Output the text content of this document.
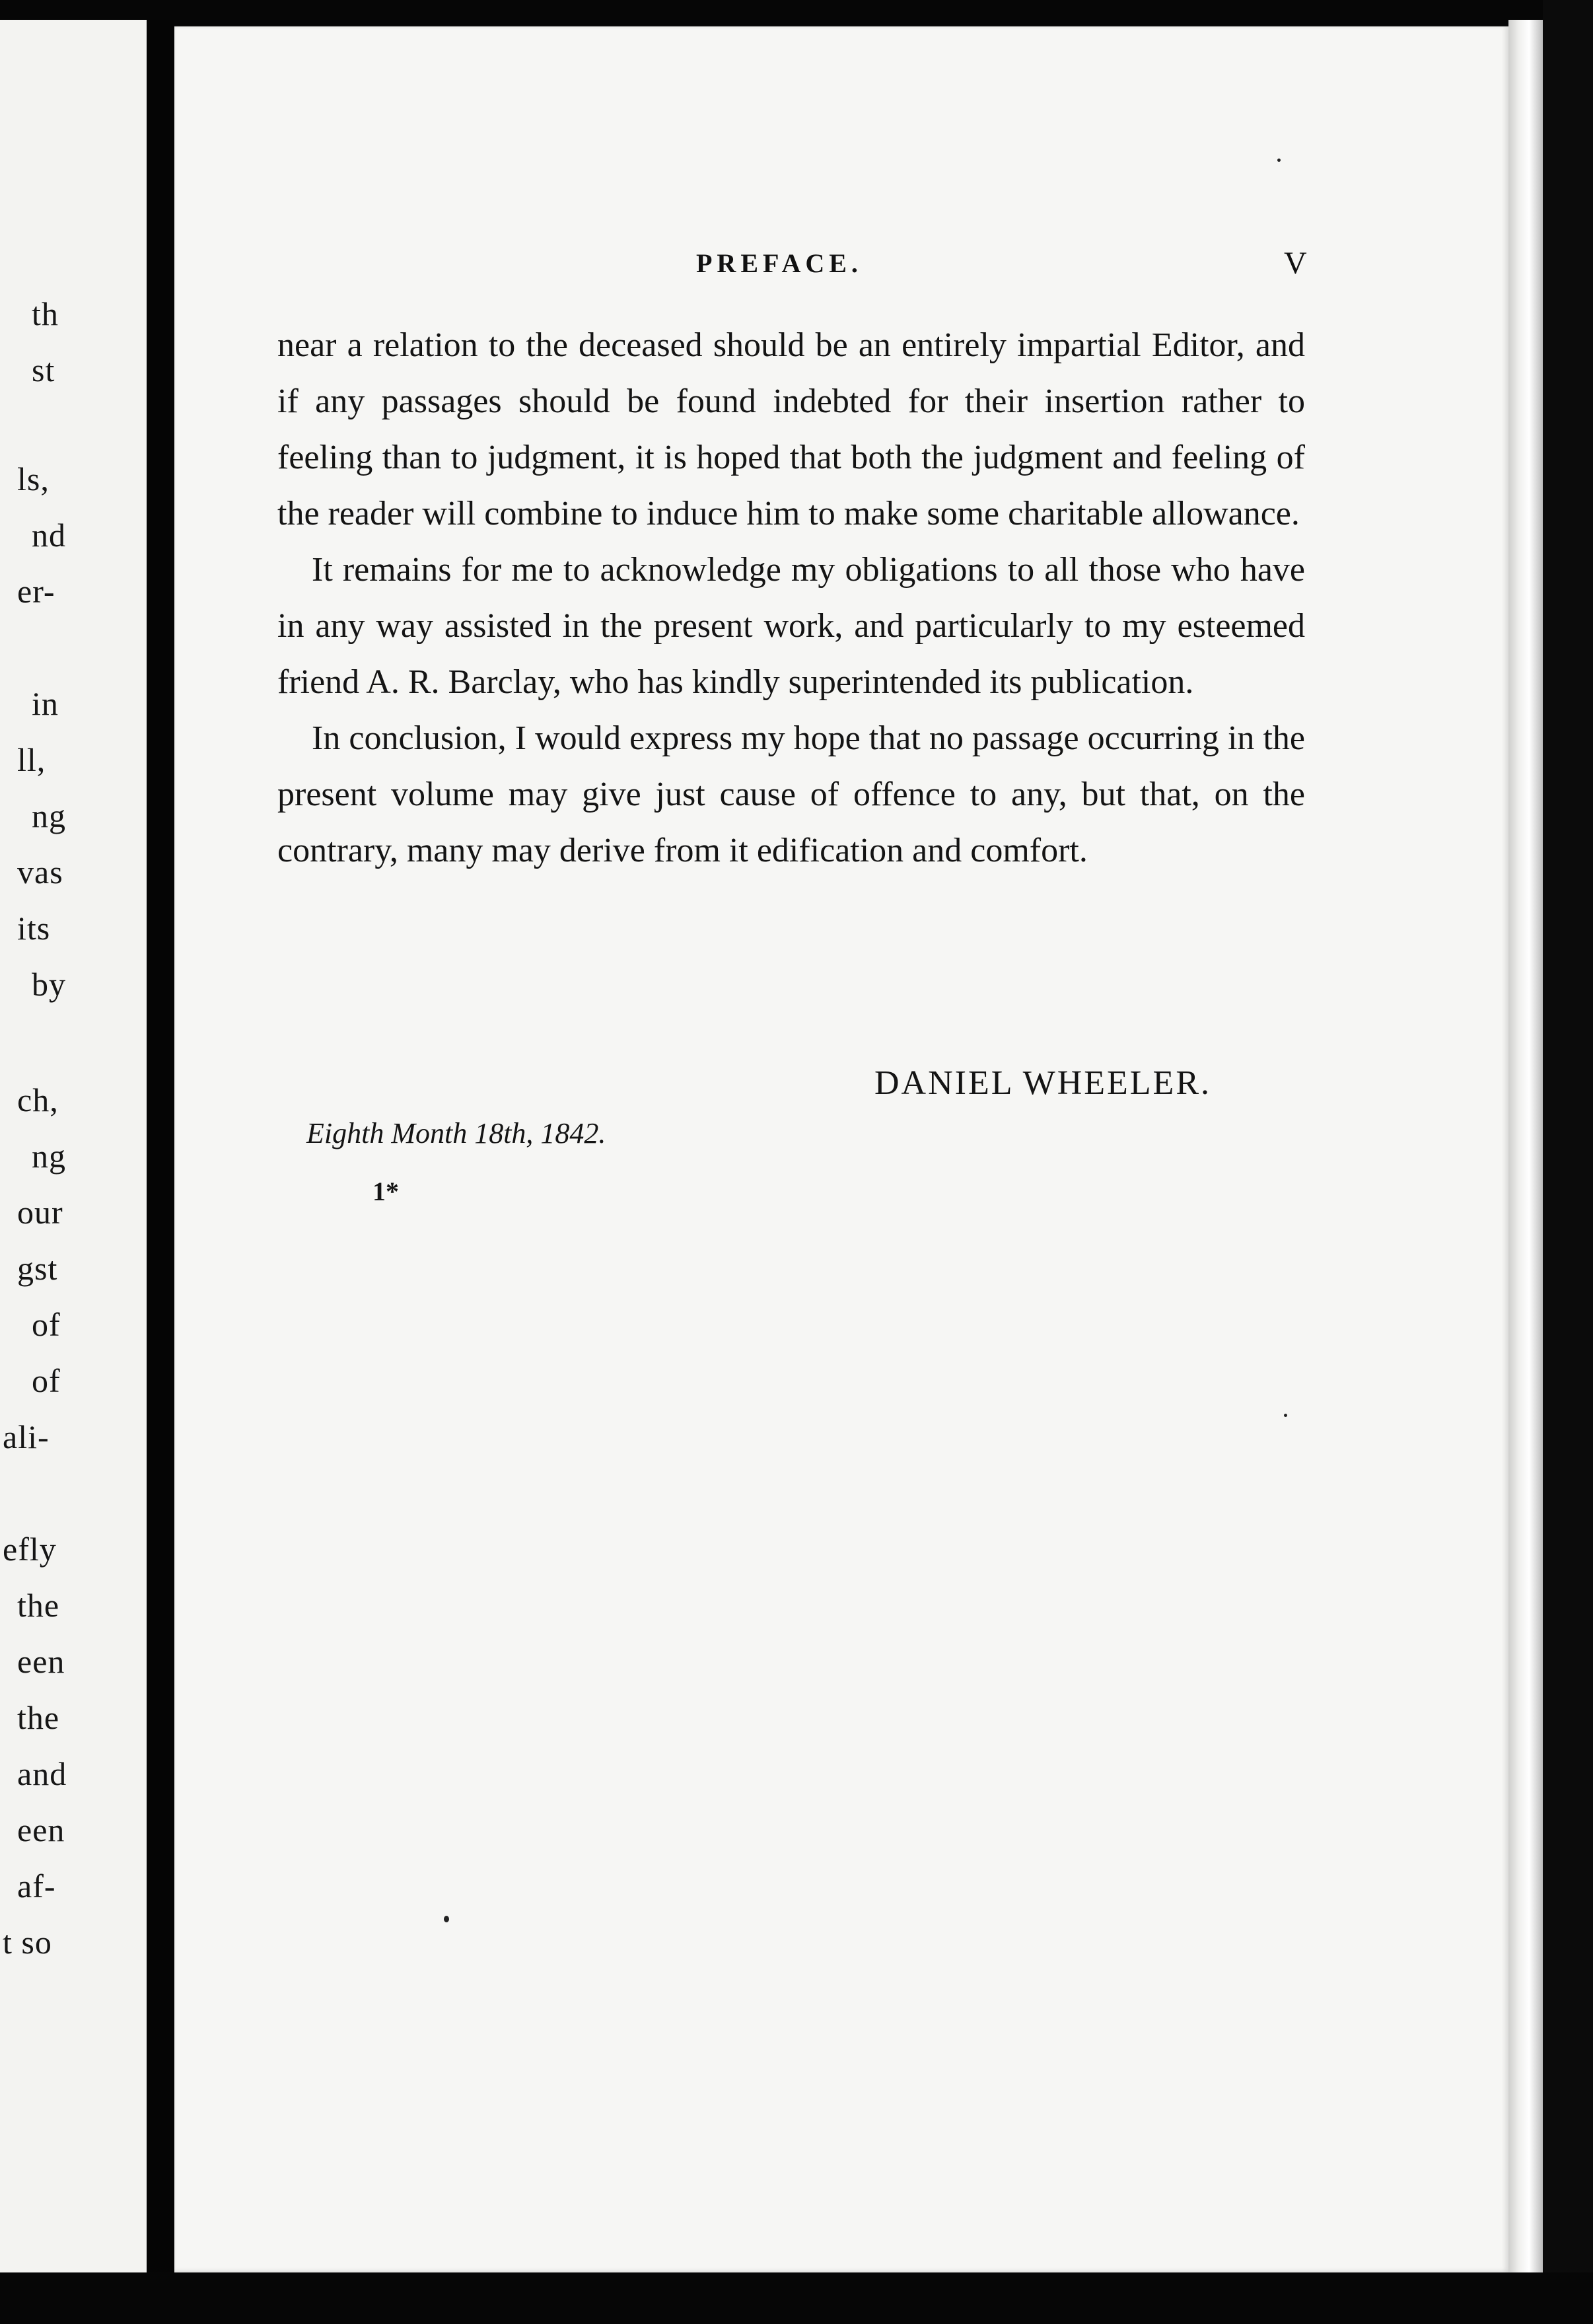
th
st
ls,
nd
er-
in
ll,
ng
vas
its
by
ch,
ng
our
gst
of
of
ali-
efly
the
een
the
and
een
af-
t so
PREFACE.	V

near a relation to the deceased should be an entirely impartial Editor, and if any passages should be found indebted for their insertion rather to feeling than to judgment, it is hoped that both the judgment and feeling of the reader will combine to induce him to make some charitable allowance.

It remains for me to acknowledge my obligations to all those who have in any way assisted in the present work, and particularly to my esteemed friend A. R. Barclay, who has kindly superintended its publication.

In conclusion, I would express my hope that no passage occurring in the present volume may give just cause of offence to any, but that, on the contrary, many may derive from it edification and comfort.

DANIEL WHEELER.
Eighth Month 18th, 1842.
1*
